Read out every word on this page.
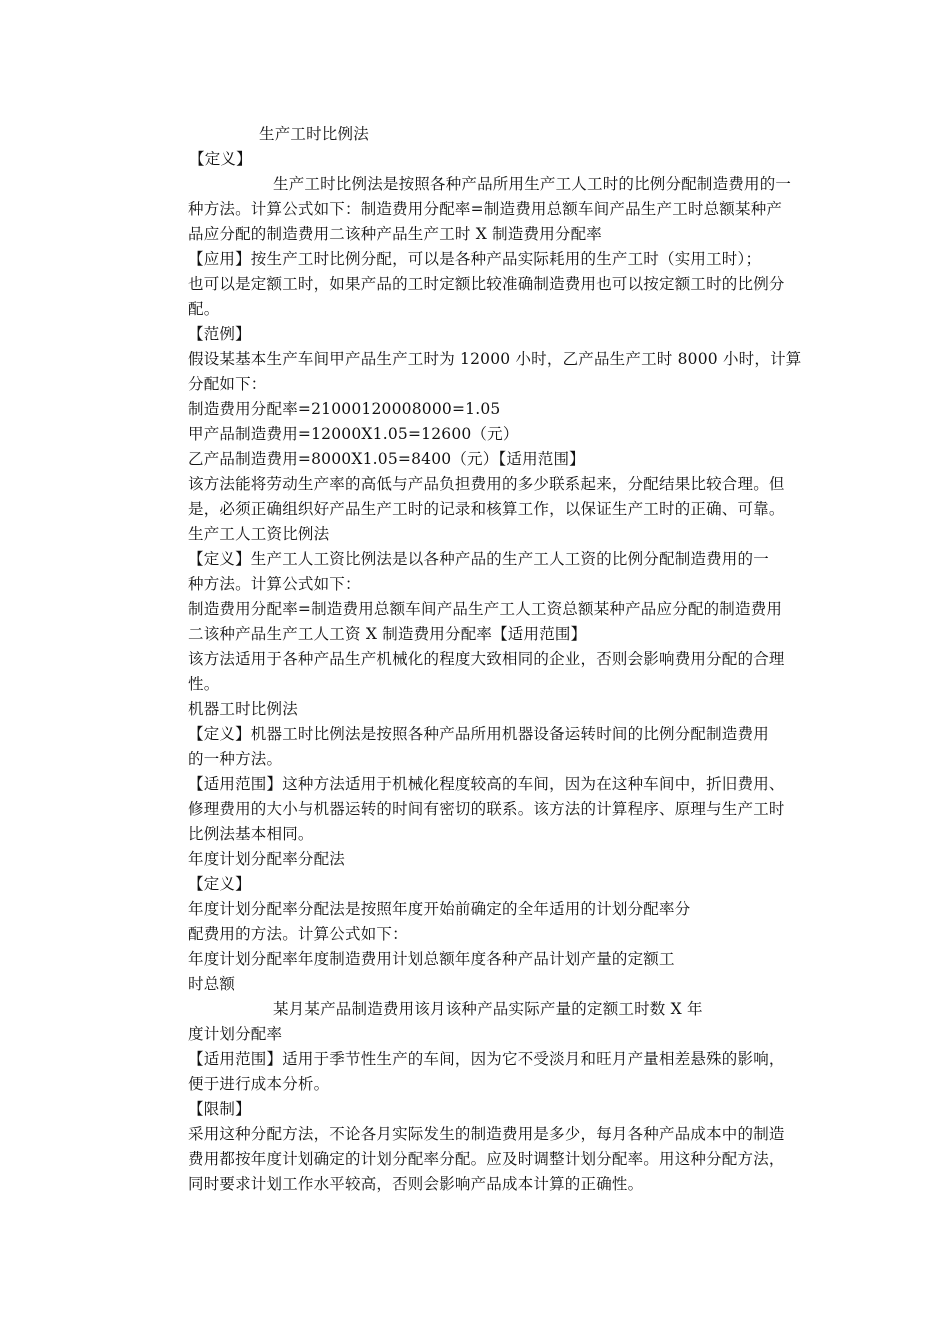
生产工时比例法
【定义】
生产工时比例法是按照各种产品所用生产工人工时的比例分配制造费用的一
种方法。计算公式如下：制造费用分配率=制造费用总额车间产品生产工时总额某种产
品应分配的制造费用二该种产品生产工时 X 制造费用分配率
【应用】按生产工时比例分配，可以是各种产品实际耗用的生产工时（实用工时）；
也可以是定额工时，如果产品的工时定额比较准确制造费用也可以按定额工时的比例分
配。
【范例】
假设某基本生产车间甲产品生产工时为 12000 小时，乙产品生产工时 8000 小时，计算
分配如下：
制造费用分配率=21000120008000=1.05
甲产品制造费用=12000X1.05=12600（元）
乙产品制造费用=8000X1.05=8400（元）【适用范围】
该方法能将劳动生产率的高低与产品负担费用的多少联系起来，分配结果比较合理。但
是，必须正确组织好产品生产工时的记录和核算工作，以保证生产工时的正确、可靠。
生产工人工资比例法
【定义】生产工人工资比例法是以各种产品的生产工人工资的比例分配制造费用的一
种方法。计算公式如下：
制造费用分配率=制造费用总额车间产品生产工人工资总额某种产品应分配的制造费用
二该种产品生产工人工资 X 制造费用分配率【适用范围】
该方法适用于各种产品生产机械化的程度大致相同的企业，否则会影响费用分配的合理
性。
机器工时比例法
【定义】机器工时比例法是按照各种产品所用机器设备运转时间的比例分配制造费用
的一种方法。
【适用范围】这种方法适用于机械化程度较高的车间，因为在这种车间中，折旧费用、
修理费用的大小与机器运转的时间有密切的联系。该方法的计算程序、原理与生产工时
比例法基本相同。
年度计划分配率分配法
【定义】
年度计划分配率分配法是按照年度开始前确定的全年适用的计划分配率分
配费用的方法。计算公式如下：
年度计划分配率年度制造费用计划总额年度各种产品计划产量的定额工
时总额
某月某产品制造费用该月该种产品实际产量的定额工时数 X 年
度计划分配率
【适用范围】适用于季节性生产的车间，因为它不受淡月和旺月产量相差悬殊的影响，
便于进行成本分析。
【限制】
采用这种分配方法，不论各月实际发生的制造费用是多少，每月各种产品成本中的制造
费用都按年度计划确定的计划分配率分配。应及时调整计划分配率。用这种分配方法，
同时要求计划工作水平较高，否则会影响产品成本计算的正确性。
